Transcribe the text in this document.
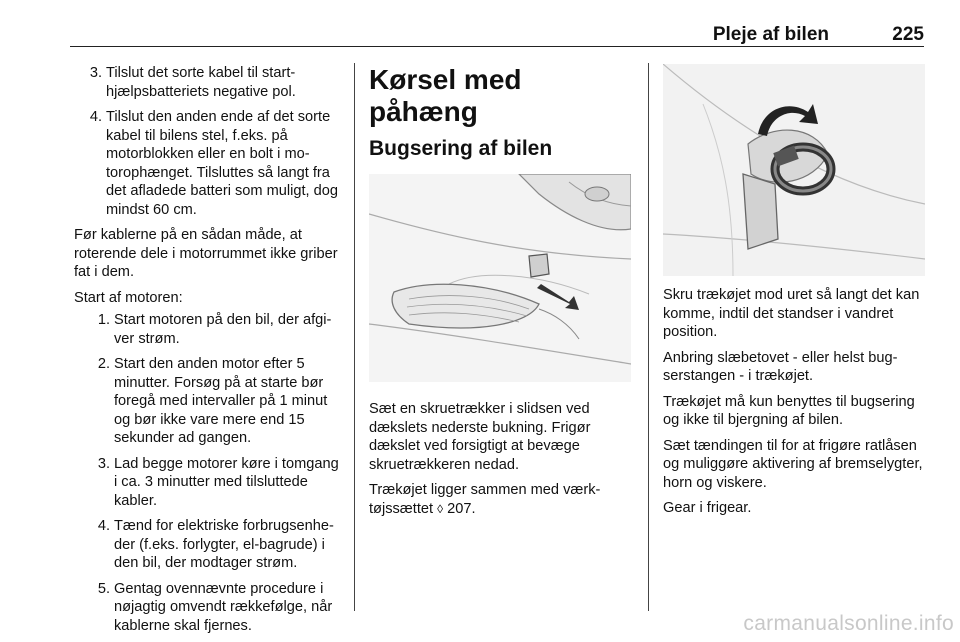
Pleje af bilen	225
3. Tilslut det sorte kabel til starthjælpsbatteriets negative pol.
4. Tilslut den anden ende af det sorte kabel til bilens stel, f.eks. på motorblokken eller en bolt i motorophænget. Tilsluttes så langt fra det afladede batteri som muligt, dog mindst 60 cm.

Før kablerne på en sådan måde, at roterende dele i motorrummet ikke griber fat i dem.

Start af motoren:

1. Start motoren på den bil, der afgiver strøm.
2. Start den anden motor efter 5 minutter. Forsøg på at starte bør foregå med intervaller på 1 minut og bør ikke vare mere end 15 sekunder ad gangen.
3. Lad begge motorer køre i tomgang i ca. 3 minutter med tilsluttede kabler.
4. Tænd for elektriske forbrugsenheder (f.eks. forlygter, el-bagrude) i den bil, der modtager strøm.
5. Gentag ovennævnte procedure i nøjagtig omvendt rækkefølge, når kablerne skal fjernes.
Kørsel med påhæng
Bugsering af bilen

Sæt en skruetrækker i slidsen ved dækslets nederste bukning. Frigør dækslet ved forsigtigt at bevæge skruetrækkeren nedad.

Trækøjet ligger sammen med værktøjssættet ◊ 207.

Skru trækøjet mod uret så langt det kan komme, indtil det standser i vandret position.

Anbring slæbetovet - eller helst bugserstangen - i trækøjet.

Trækøjet må kun benyttes til bugsering og ikke til bjergning af bilen.

Sæt tændingen til for at frigøre ratlåsen og muliggøre aktivering af bremselygter, horn og viskere.

Gear i frigear.

carmanualsonline.info
